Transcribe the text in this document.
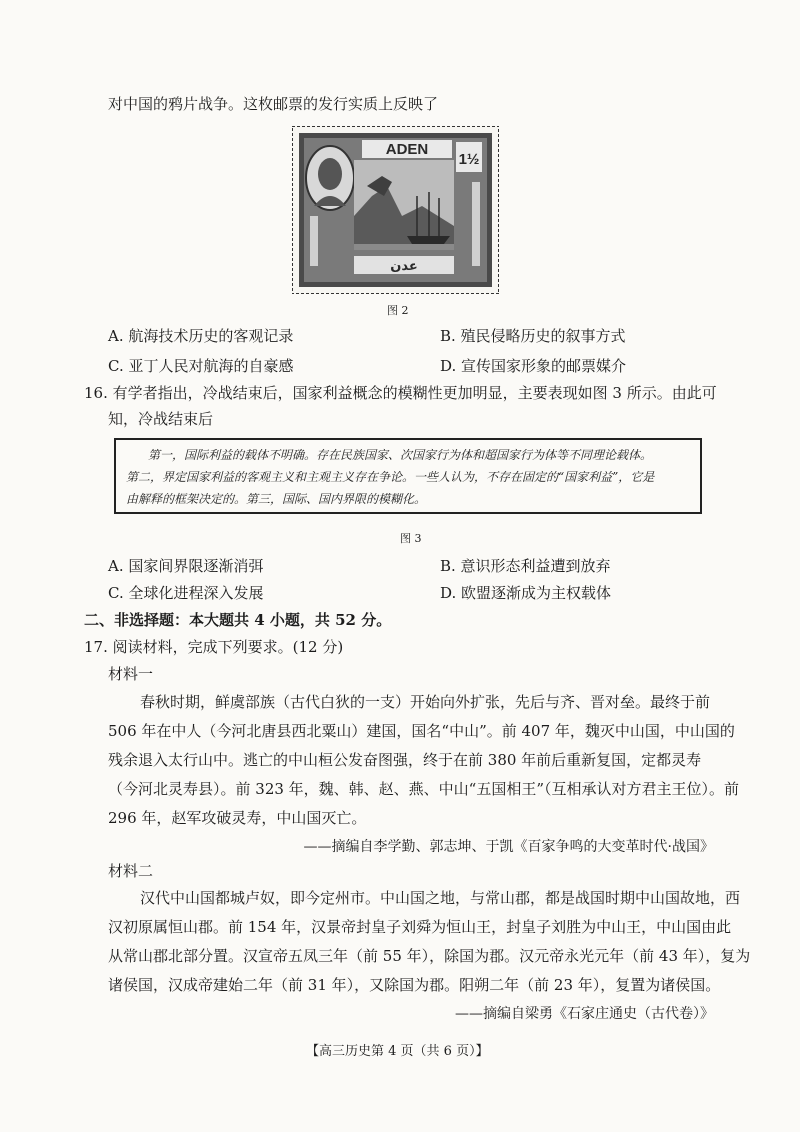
对中国的鸦片战争。这枚邮票的发行实质上反映了
ADEN
1½
عدن
图 2
A. 航海技术历史的客观记录	B. 殖民侵略历史的叙事方式
C. 亚丁人民对航海的自豪感	D. 宣传国家形象的邮票媒介
16. 有学者指出，冷战结束后，国家利益概念的模糊性更加明显，主要表现如图 3 所示。由此可
知，冷战结束后
第一，国际利益的载体不明确。存在民族国家、次国家行为体和超国家行为体等不同理论载体。
第二，界定国家利益的客观主义和主观主义存在争论。一些人认为，不存在固定的“国家利益”，它是
由解释的框架决定的。第三，国际、国内界限的模糊化。
图 3
A. 国家间界限逐渐消弭	B. 意识形态利益遭到放弃
C. 全球化进程深入发展	D. 欧盟逐渐成为主权载体
二、非选择题：本大题共 4 小题，共 52 分。
17. 阅读材料，完成下列要求。(12 分)
材料一
春秋时期，鲜虞部族（古代白狄的一支）开始向外扩张，先后与齐、晋对垒。最终于前
506 年在中人（今河北唐县西北粟山）建国，国名“中山”。前 407 年，魏灭中山国，中山国的
残余退入太行山中。逃亡的中山桓公发奋图强，终于在前 380 年前后重新复国，定都灵寿
（今河北灵寿县）。前 323 年，魏、韩、赵、燕、中山“五国相王”（互相承认对方君主王位）。前
296 年，赵军攻破灵寿，中山国灭亡。
——摘编自李学勤、郭志坤、于凯《百家争鸣的大变革时代·战国》
材料二
汉代中山国都城卢奴，即今定州市。中山国之地，与常山郡，都是战国时期中山国故地，西
汉初原属恒山郡。前 154 年，汉景帝封皇子刘舜为恒山王，封皇子刘胜为中山王，中山国由此
从常山郡北部分置。汉宣帝五凤三年（前 55 年），除国为郡。汉元帝永光元年（前 43 年），复为
诸侯国，汉成帝建始二年（前 31 年），又除国为郡。阳朔二年（前 23 年），复置为诸侯国。
——摘编自梁勇《石家庄通史（古代卷）》
【高三历史第 4 页（共 6 页）】
